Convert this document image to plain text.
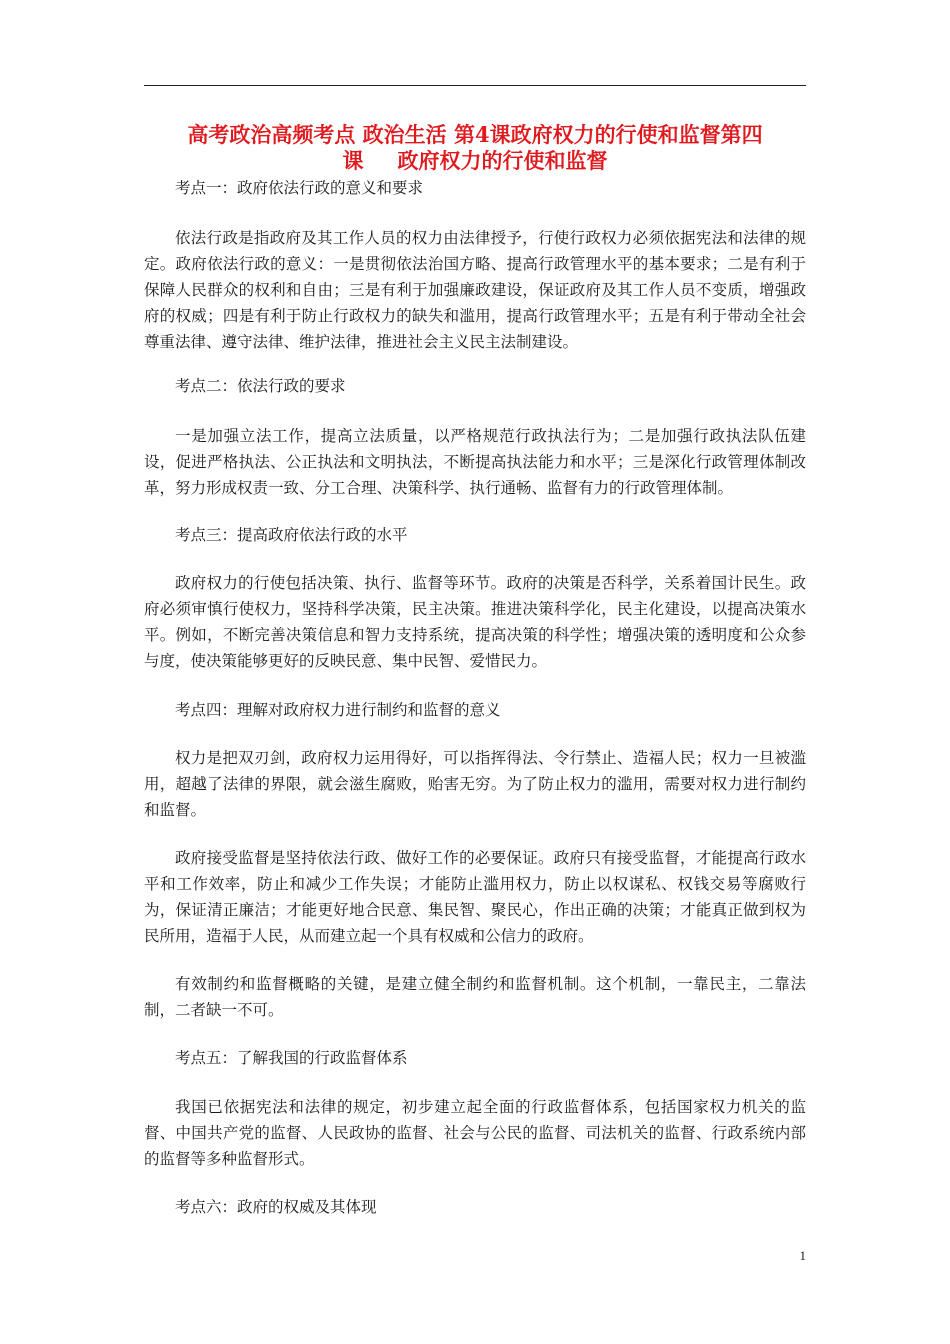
高考政治高频考点 政治生活 第4课政府权力的行使和监督第四
课 政府权力的行使和监督

考点一：政府依法行政的意义和要求

依法行政是指政府及其工作人员的权力由法律授予，行使行政权力必须依据宪法和法律的规定。政府依法行政的意义：一是贯彻依法治国方略、提高行政管理水平的基本要求；二是有利于保障人民群众的权利和自由；三是有利于加强廉政建设，保证政府及其工作人员不变质，增强政府的权威；四是有利于防止行政权力的缺失和滥用，提高行政管理水平；五是有利于带动全社会尊重法律、遵守法律、维护法律，推进社会主义民主法制建设。

考点二：依法行政的要求

一是加强立法工作，提高立法质量，以严格规范行政执法行为；二是加强行政执法队伍建设，促进严格执法、公正执法和文明执法，不断提高执法能力和水平；三是深化行政管理体制改革，努力形成权责一致、分工合理、决策科学、执行通畅、监督有力的行政管理体制。

考点三：提高政府依法行政的水平

政府权力的行使包括决策、执行、监督等环节。政府的决策是否科学，关系着国计民生。政府必须审慎行使权力，坚持科学决策，民主决策。推进决策科学化，民主化建设，以提高决策水平。例如，不断完善决策信息和智力支持系统，提高决策的科学性；增强决策的透明度和公众参与度，使决策能够更好的反映民意、集中民智、爱惜民力。

考点四：理解对政府权力进行制约和监督的意义

权力是把双刃剑，政府权力运用得好，可以指挥得法、令行禁止、造福人民；权力一旦被滥用，超越了法律的界限，就会滋生腐败，贻害无穷。为了防止权力的滥用，需要对权力进行制约和监督。

政府接受监督是坚持依法行政、做好工作的必要保证。政府只有接受监督，才能提高行政水平和工作效率，防止和减少工作失误；才能防止滥用权力，防止以权谋私、权钱交易等腐败行为，保证清正廉洁；才能更好地合民意、集民智、聚民心，作出正确的决策；才能真正做到权为民所用，造福于人民，从而建立起一个具有权威和公信力的政府。

有效制约和监督概略的关键，是建立健全制约和监督机制。这个机制，一靠民主，二靠法制，二者缺一不可。

考点五：了解我国的行政监督体系

我国已依据宪法和法律的规定，初步建立起全面的行政监督体系，包括国家权力机关的监督、中国共产党的监督、人民政协的监督、社会与公民的监督、司法机关的监督、行政系统内部的监督等多种监督形式。

考点六：政府的权威及其体现

1
